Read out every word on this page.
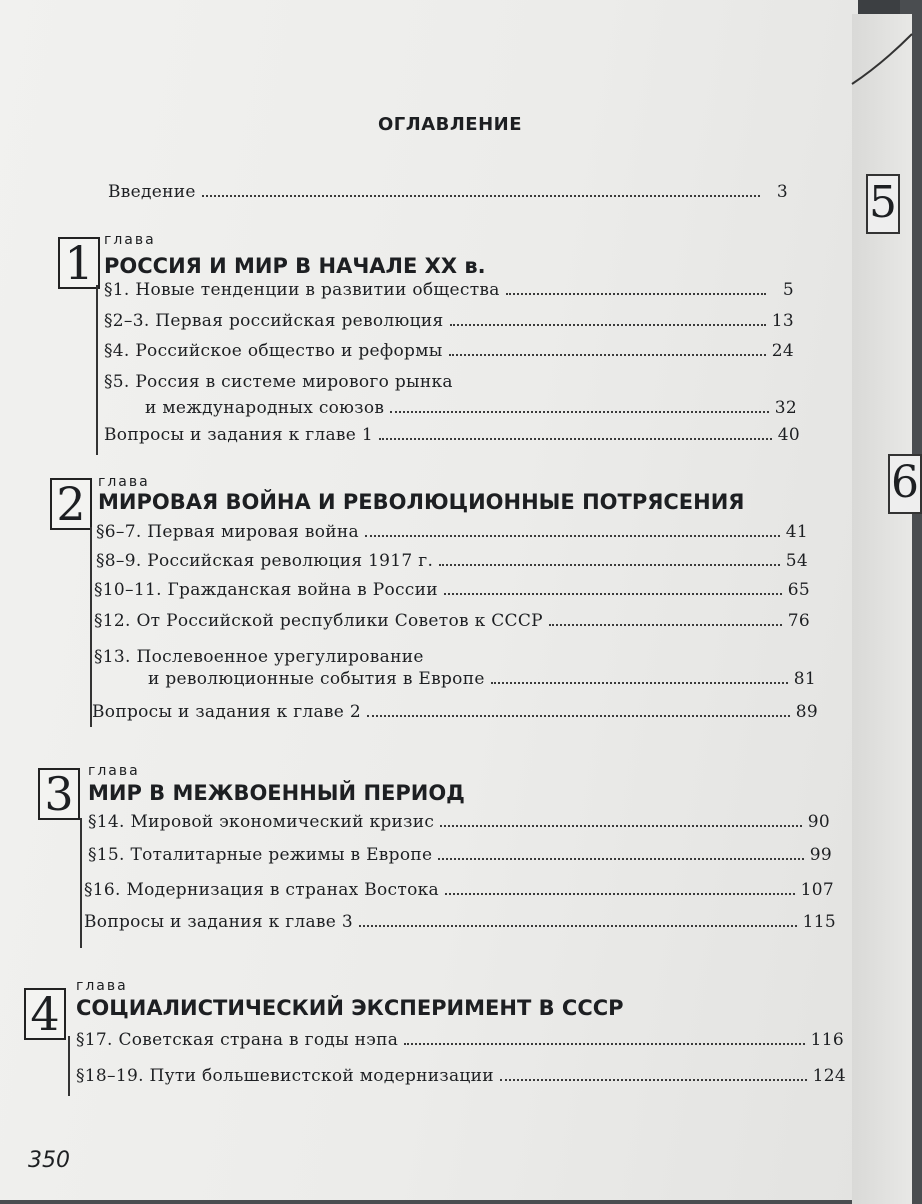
ОГЛАВЛЕНИЕ
Введение	3
1 глава
РОССИЯ И МИР В НАЧАЛЕ XX в.
§1. Новые тенденции в развитии общества	5
§2–3. Первая российская революция	13
§4. Российское общество и реформы	24
§5. Россия в системе мирового рынка
и международных союзов	32
Вопросы и задания к главе 1	40
2 глава
МИРОВАЯ ВОЙНА И РЕВОЛЮЦИОННЫЕ ПОТРЯСЕНИЯ
§6–7. Первая мировая война	41
§8–9. Российская революция 1917 г.	54
§10–11. Гражданская война в России	65
§12. От Российской республики Советов к СССР	76
§13. Послевоенное урегулирование
и революционные события в Европе	81
Вопросы и задания к главе 2	89
3	глава
МИР В МЕЖВОЕННЫЙ ПЕРИОД
§14. Мировой экономический кризис	90
§15. Тоталитарные режимы в Европе	99
§16. Модернизация в странах Востока	107
Вопросы и задания к главе 3	115
4
глава
СОЦИАЛИСТИЧЕСКИЙ ЭКСПЕРИМЕНТ В СССР
§17. Советская страна в годы нэпа	116
§18–19. Пути большевистской модернизации	124
350
5
6
